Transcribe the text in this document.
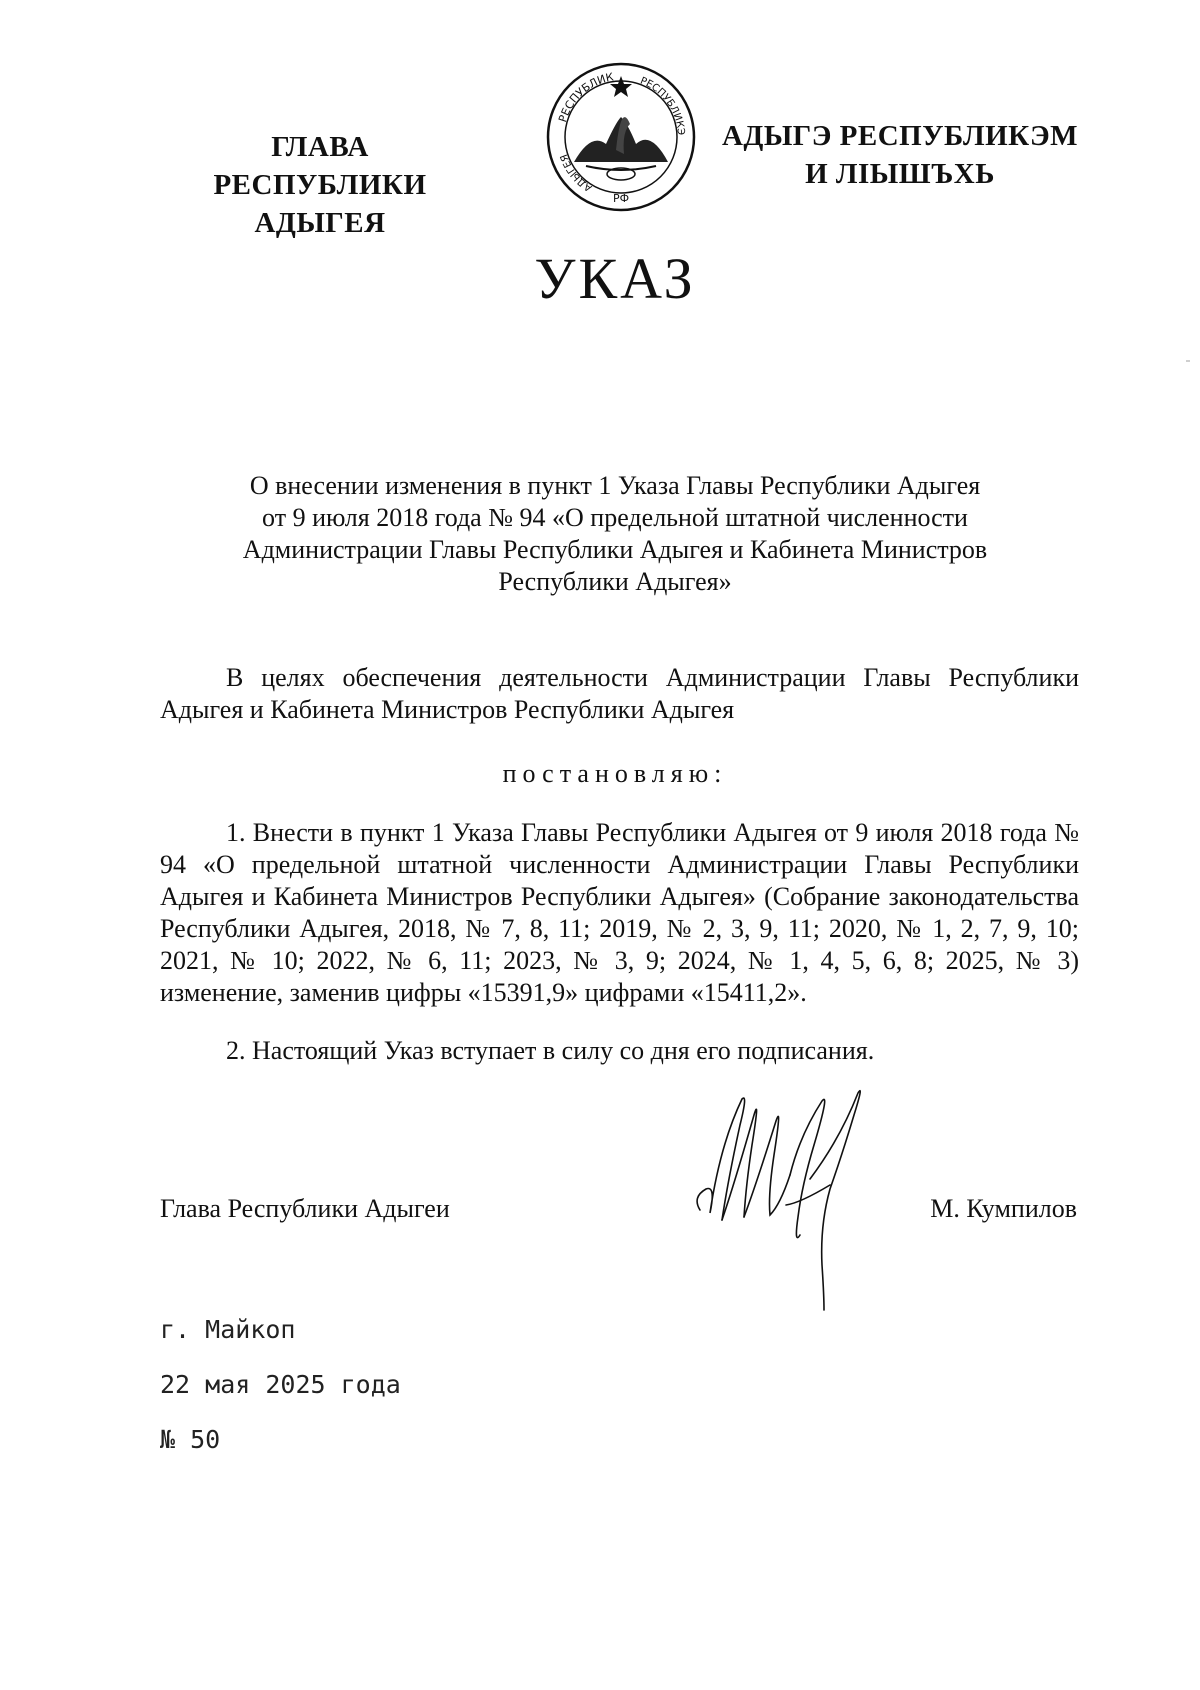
ГЛАВА
РЕСПУБЛИКИ АДЫГЕЯ
РЕСПУБЛИК
АДЫГЕЯ
РЕСПУБЛИКЭ
РФ
АДЫГЭ РЕСПУБЛИКЭМ
И ЛІЫШЪХЬ
УКАЗ
О внесении изменения в пункт 1 Указа Главы Республики Адыгея
от 9 июля 2018 года № 94 «О предельной штатной численности
Администрации Главы Республики Адыгея и Кабинета Министров
Республики Адыгея»
В целях обеспечения деятельности Администрации Главы Республики Адыгея и Кабинета Министров Республики Адыгея
постановляю:
1. Внести в пункт 1 Указа Главы Республики Адыгея от 9 июля 2018 года № 94 «О предельной штатной численности Администрации Главы Республики Адыгея и Кабинета Министров Республики Адыгея» (Собрание законодательства Республики Адыгея, 2018, № 7, 8, 11; 2019, № 2, 3, 9, 11; 2020, № 1, 2, 7, 9, 10; 2021, № 10; 2022, № 6, 11; 2023, № 3, 9; 2024, № 1, 4, 5, 6, 8; 2025, № 3) изменение, заменив цифры «15391,9» цифрами «15411,2».
2. Настоящий Указ вступает в силу со дня его подписания.
Глава Республики Адыгеи	М. Кумпилов
г. Майкоп
22 мая 2025 года
№ 50
